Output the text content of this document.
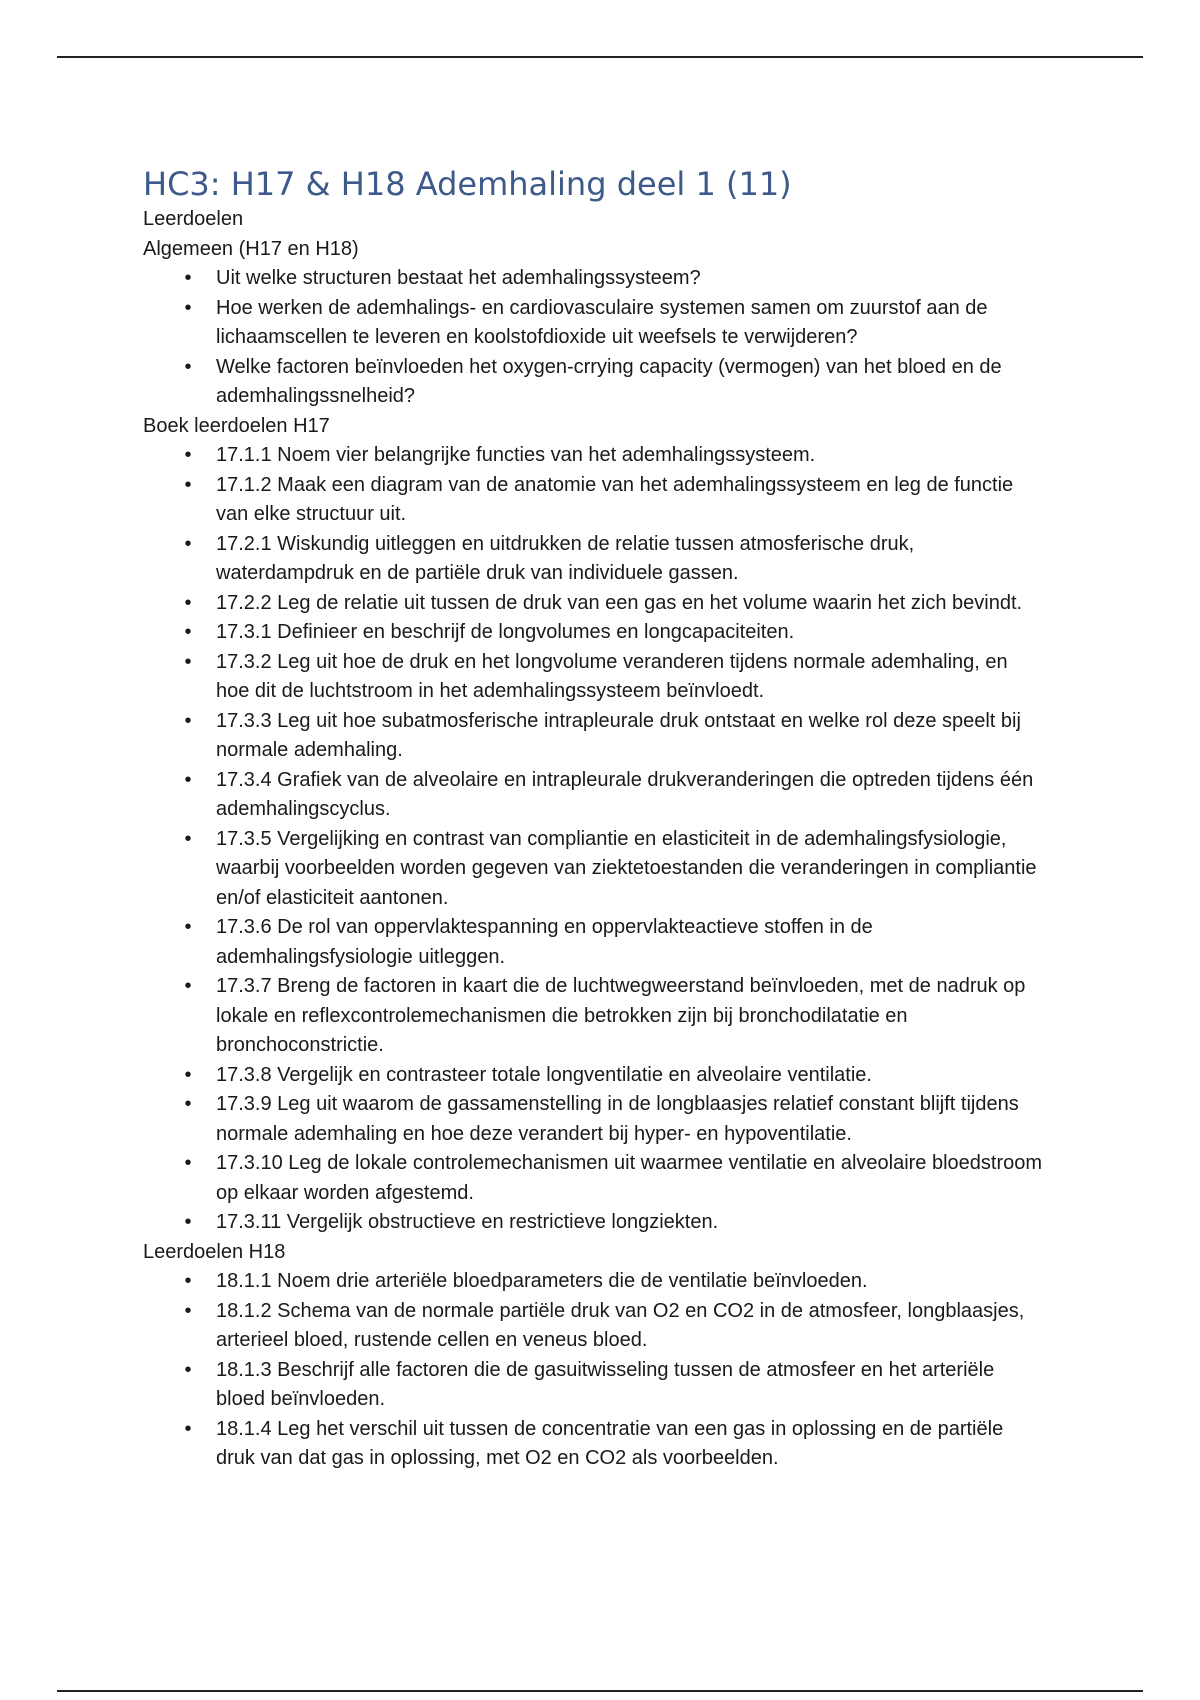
HC3: H17 & H18 Ademhaling deel 1 (11)

Leerdoelen

Algemeen (H17 en H18)

• Uit welke structuren bestaat het ademhalingssysteem?
• Hoe werken de ademhalings- en cardiovasculaire systemen samen om zuurstof aan de lichaamscellen te leveren en koolstofdioxide uit weefsels te verwijderen?
• Welke factoren beïnvloeden het oxygen-crrying capacity (vermogen) van het bloed en de ademhalingssnelheid?

Boek leerdoelen H17

• 17.1.1 Noem vier belangrijke functies van het ademhalingssysteem.
• 17.1.2 Maak een diagram van de anatomie van het ademhalingssysteem en leg de functie van elke structuur uit.
• 17.2.1 Wiskundig uitleggen en uitdrukken de relatie tussen atmosferische druk, waterdampdruk en de partiële druk van individuele gassen.
• 17.2.2 Leg de relatie uit tussen de druk van een gas en het volume waarin het zich bevindt.
• 17.3.1 Definieer en beschrijf de longvolumes en longcapaciteiten.
• 17.3.2 Leg uit hoe de druk en het longvolume veranderen tijdens normale ademhaling, en hoe dit de luchtstroom in het ademhalingssysteem beïnvloedt.
• 17.3.3 Leg uit hoe subatmosferische intrapleurale druk ontstaat en welke rol deze speelt bij normale ademhaling.
• 17.3.4 Grafiek van de alveolaire en intrapleurale drukveranderingen die optreden tijdens één ademhalingscyclus.
• 17.3.5 Vergelijking en contrast van compliantie en elasticiteit in de ademhalingsfysiologie, waarbij voorbeelden worden gegeven van ziektetoestanden die veranderingen in compliantie en/of elasticiteit aantonen.
• 17.3.6 De rol van oppervlaktespanning en oppervlakteactieve stoffen in de ademhalingsfysiologie uitleggen.
• 17.3.7 Breng de factoren in kaart die de luchtwegweerstand beïnvloeden, met de nadruk op lokale en reflexcontrolemechanismen die betrokken zijn bij bronchodilatatie en bronchoconstrictie.
• 17.3.8 Vergelijk en contrasteer totale longventilatie en alveolaire ventilatie.
• 17.3.9 Leg uit waarom de gassamenstelling in de longblaasjes relatief constant blijft tijdens normale ademhaling en hoe deze verandert bij hyper- en hypoventilatie.
• 17.3.10 Leg de lokale controlemechanismen uit waarmee ventilatie en alveolaire bloedstroom op elkaar worden afgestemd.
• 17.3.11 Vergelijk obstructieve en restrictieve longziekten.

Leerdoelen H18

• 18.1.1 Noem drie arteriële bloedparameters die de ventilatie beïnvloeden.
• 18.1.2 Schema van de normale partiële druk van O2 en CO2 in de atmosfeer, longblaasjes, arterieel bloed, rustende cellen en veneus bloed.
• 18.1.3 Beschrijf alle factoren die de gasuitwisseling tussen de atmosfeer en het arteriële bloed beïnvloeden.
• 18.1.4 Leg het verschil uit tussen de concentratie van een gas in oplossing en de partiële druk van dat gas in oplossing, met O2 en CO2 als voorbeelden.
